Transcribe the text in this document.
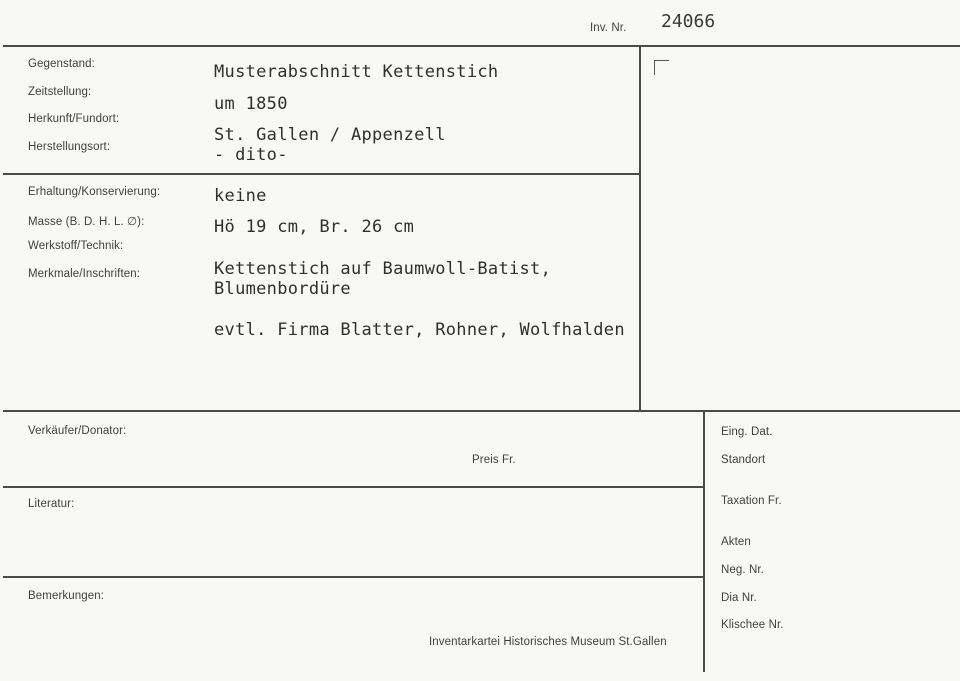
Inv. Nr. 24066
Gegenstand:
Zeitstellung:
Herkunft/Fundort:
Herstellungsort:
Musterabschnitt Kettenstich
um 1850
St. Gallen / Appenzell
- dito-
Erhaltung/Konservierung:
Masse (B. D. H. L. ∅):
Werkstoff/Technik:
Merkmale/Inschriften:
keine
Hö 19 cm, Br. 26 cm
Kettenstich auf Baumwoll-Batist,
Blumenbordüre
evtl. Firma Blatter, Rohner, Wolfhalden
Verkäufer/Donator:
Preis Fr.
Literatur:
Bemerkungen:
Inventarkartei Historisches Museum St.Gallen
Eing. Dat.
Standort
Taxation Fr.
Akten
Neg. Nr.
Dia Nr.
Klischee Nr.
